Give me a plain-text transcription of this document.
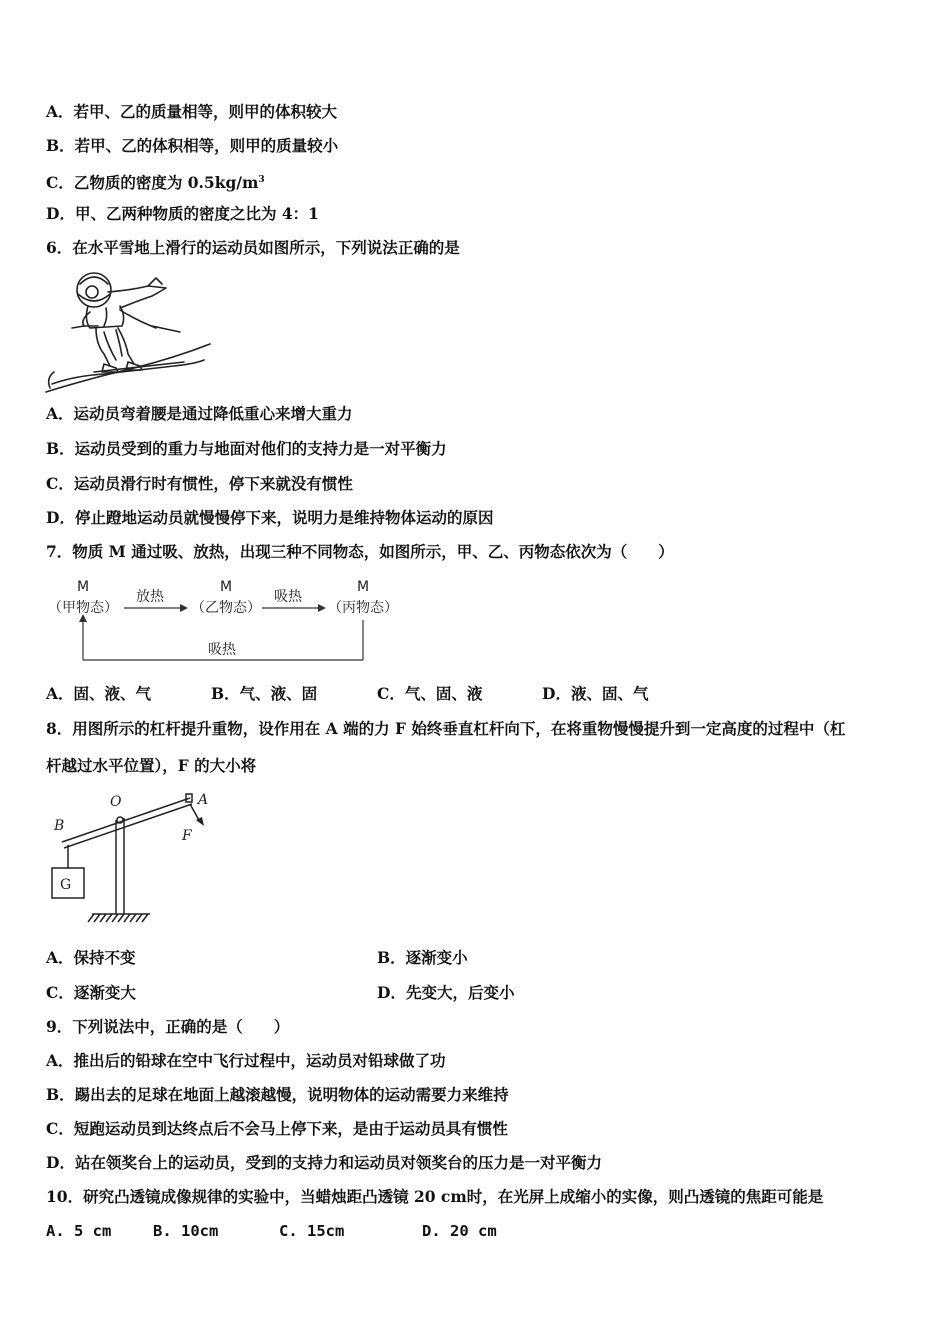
A．若甲、乙的质量相等，则甲的体积较大
B．若甲、乙的体积相等，则甲的质量较小
C．乙物质的密度为 $0.5kg/m^3$
D．甲、乙两种物质的密度之比为 4：1
6．在水平雪地上滑行的运动员如图所示，下列说法正确的是
A．运动员弯着腰是通过降低重心来增大重力
B．运动员受到的重力与地面对他们的支持力是一对平衡力
C．运动员滑行时有惯性，停下来就没有惯性
D．停止蹬地运动员就慢慢停下来，说明力是维持物体运动的原因
7．物质 M 通过吸、放热，出现三种不同物态，如图所示，甲、乙、丙物态依次为（　　）
M
（甲物态）
M
（乙物态）
M
（丙物态）
放热	吸热
吸热
A．固、液、气	B．气、液、固	C．气、固、液	D．液、固、气
8．用图所示的杠杆提升重物，设作用在 A 端的力 F 始终垂直杠杆向下，在将重物慢慢提升到一定高度的过程中（杠
杆越过水平位置），F 的大小将
O	A
B
F
G
A．保持不变	B．逐渐变小
C．逐渐变大	D．先变大，后变小
9．下列说法中，正确的是（　　）
A．推出后的铅球在空中飞行过程中，运动员对铅球做了功
B．踢出去的足球在地面上越滚越慢，说明物体的运动需要力来维持
C．短跑运动员到达终点后不会马上停下来，是由于运动员具有惯性
D．站在领奖台上的运动员，受到的支持力和运动员对领奖台的压力是一对平衡力
10．研究凸透镜成像规律的实验中，当蜡烛距凸透镜 20 cm时，在光屏上成缩小的实像，则凸透镜的焦距可能是
A. 5 cm	B. 10cm	C. 15cm	D. 20 cm
